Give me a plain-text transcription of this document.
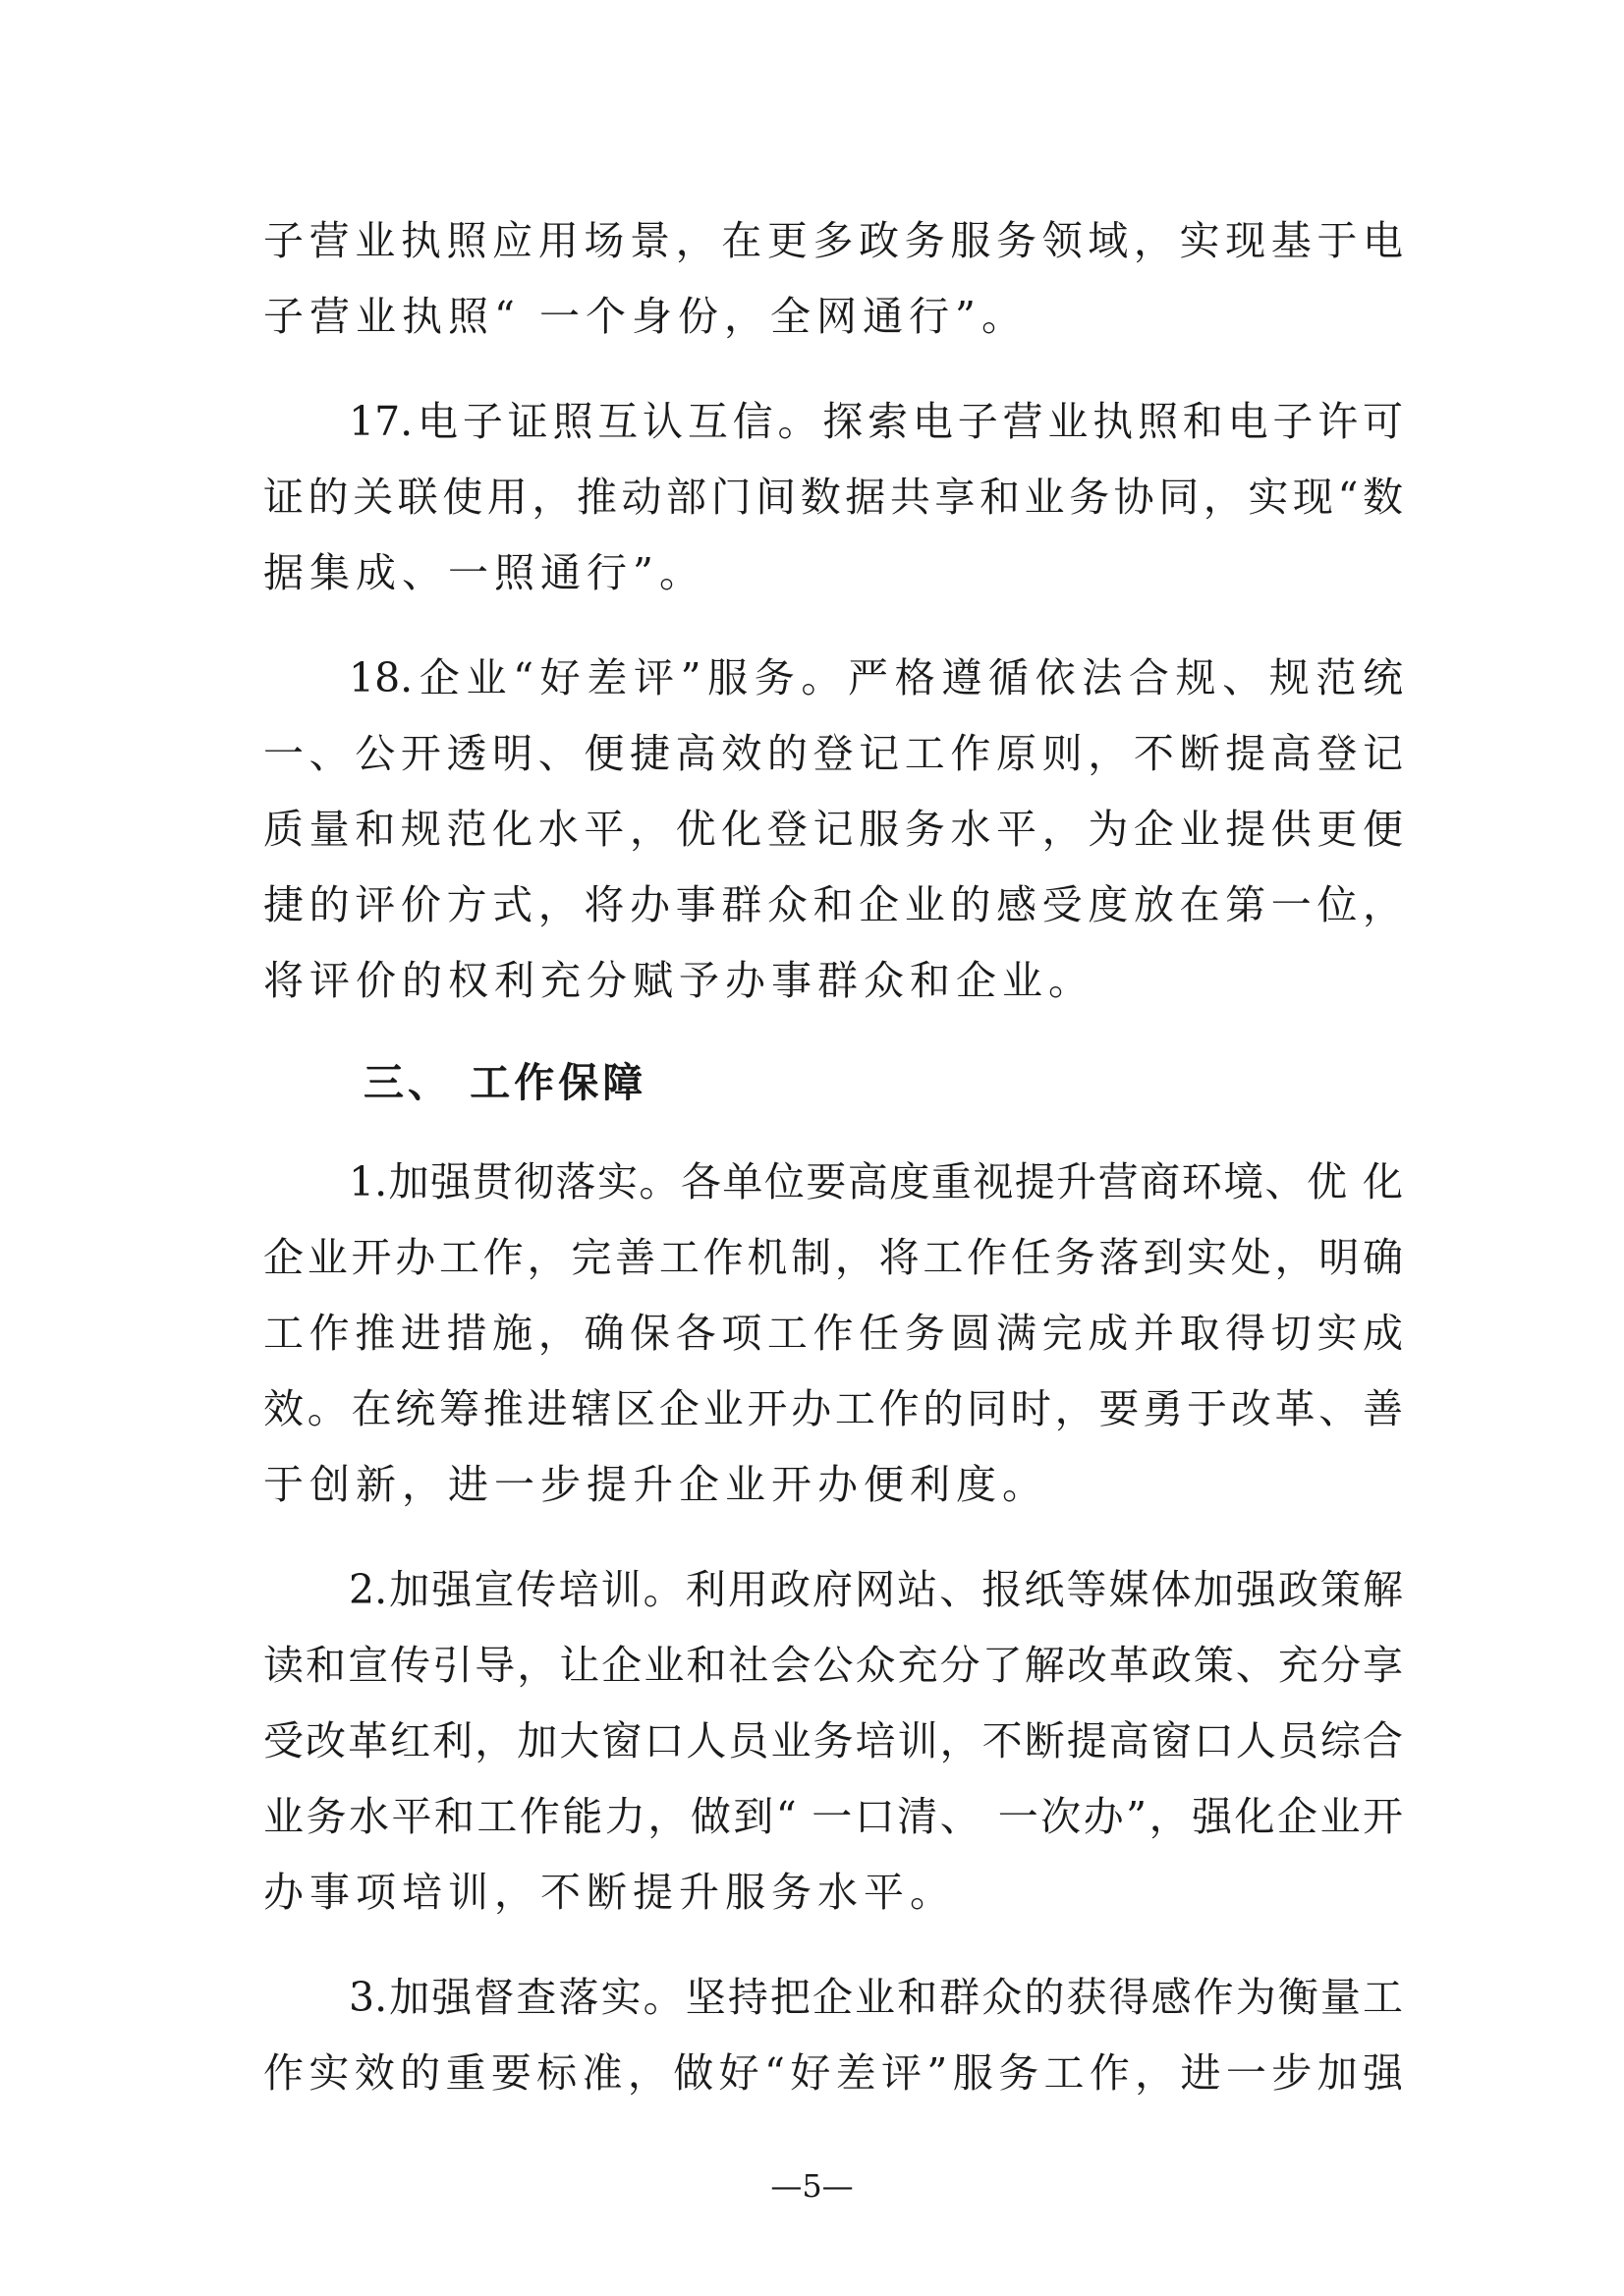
子营业执照应用场景，在更多政务服务领域，实现基于电
子营业执照“ 一个身份，全网通行”。
17.电子证照互认互信。探索电子营业执照和电子许可
证的关联使用，推动部门间数据共享和业务协同，实现“数
据集成、一照通行”。
18.企业“好差评”服务。严格遵循依法合规、规范统
一、公开透明、便捷高效的登记工作原则，不断提高登记
质量和规范化水平，优化登记服务水平，为企业提供更便
捷的评价方式，将办事群众和企业的感受度放在第一位，
将评价的权利充分赋予办事群众和企业。
三、 工作保障
1.加强贯彻落实。各单位要高度重视提升营商环境、优 化
企业开办工作，完善工作机制，将工作任务落到实处，明确
工作推进措施，确保各项工作任务圆满完成并取得切实成
效。在统筹推进辖区企业开办工作的同时，要勇于改革、善
于创新，进一步提升企业开办便利度。
2.加强宣传培训。利用政府网站、报纸等媒体加强政策解
读和宣传引导，让企业和社会公众充分了解改革政策、充分享
受改革红利，加大窗口人员业务培训，不断提高窗口人员综合
业务水平和工作能力，做到“ 一口清、 一次办”，强化企业开
办事项培训，不断提升服务水平。
3.加强督查落实。坚持把企业和群众的获得感作为衡量工
作实效的重要标准，做好“好差评”服务工作，进一步加强
—5—
